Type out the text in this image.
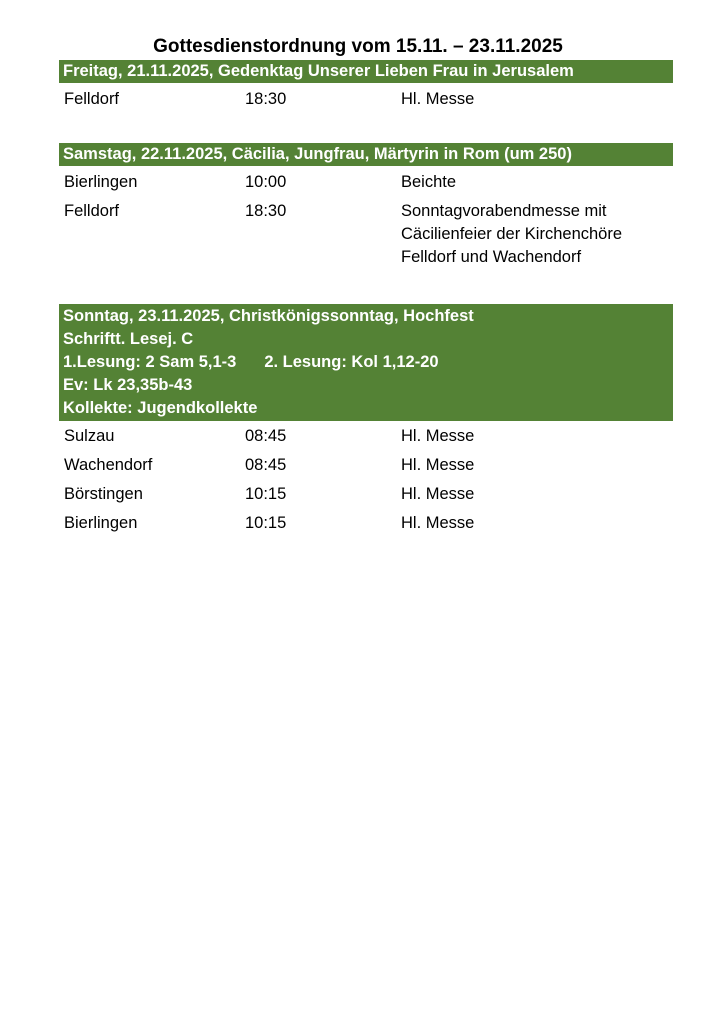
Gottesdienstordnung vom 15.11. – 23.11.2025
Freitag, 21.11.2025, Gedenktag Unserer Lieben Frau in Jerusalem
Felldorf	18:30	Hl. Messe
Samstag, 22.11.2025, Cäcilia, Jungfrau, Märtyrin in Rom (um 250)
Bierlingen	10:00	Beichte
Felldorf	18:30	Sonntagvorabendmesse mit
Cäcilienfeier der Kirchenchöre
Felldorf und Wachendorf
Sonntag, 23.11.2025, Christkönigssonntag, Hochfest
Schriftt. Lesej. C
1.Lesung: 2 Sam 5,1-3 2. Lesung: Kol 1,12-20
Ev: Lk 23,35b-43
Kollekte: Jugendkollekte
Sulzau	08:45	Hl. Messe
Wachendorf	08:45	Hl. Messe
Börstingen	10:15	Hl. Messe
Bierlingen	10:15	Hl. Messe
